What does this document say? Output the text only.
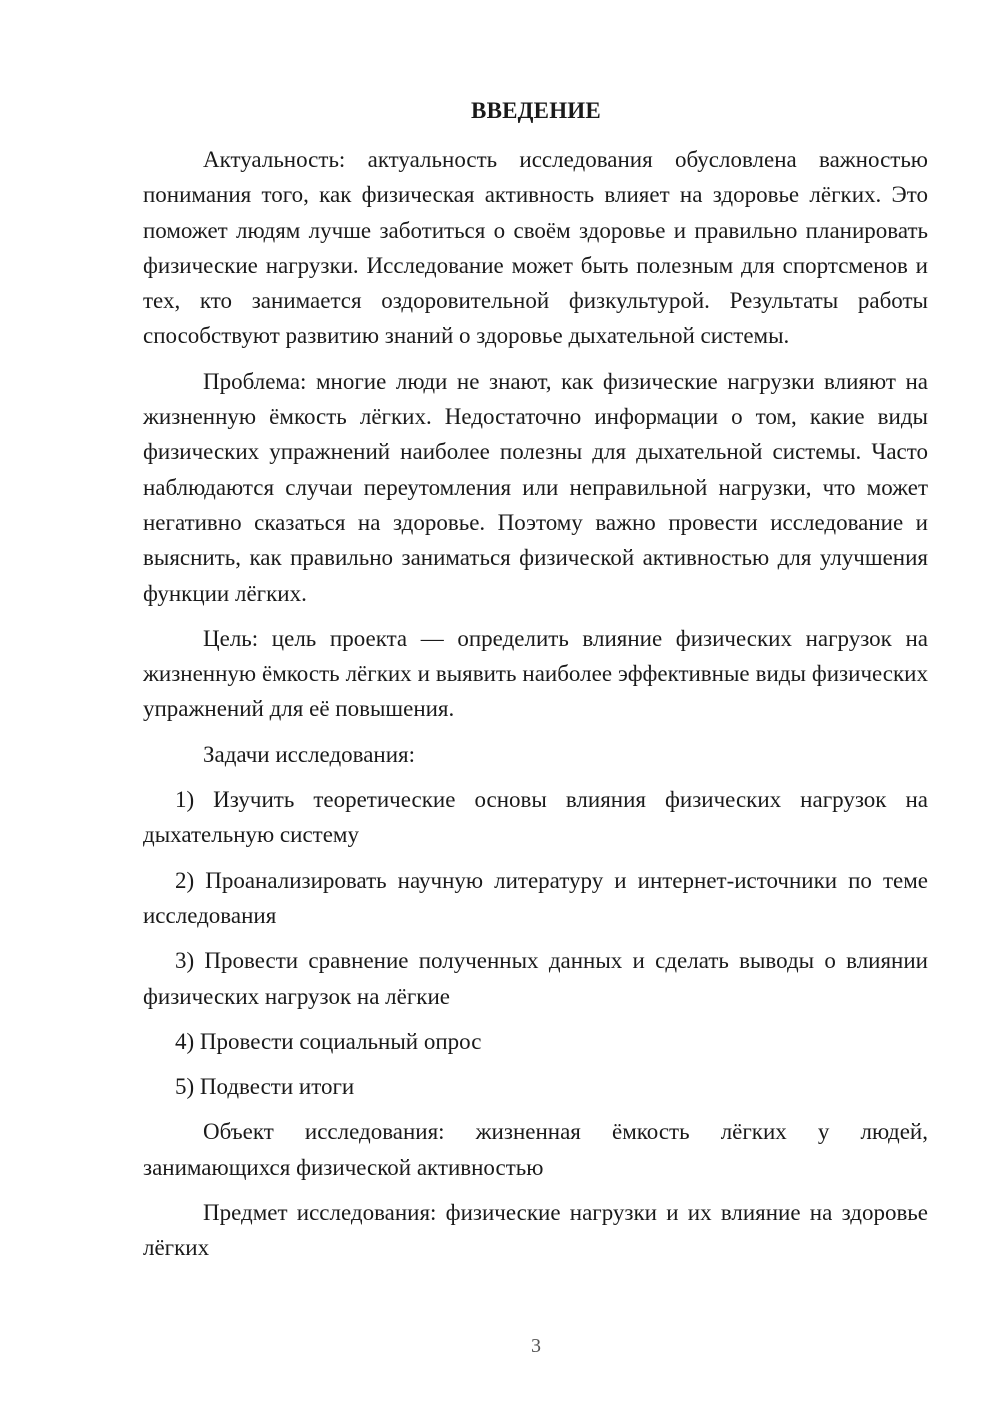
ВВЕДЕНИЕ

Актуальность: актуальность исследования обусловлена важностью понимания того, как физическая активность влияет на здоровье лёгких. Это поможет людям лучше заботиться о своём здоровье и правильно планировать физические нагрузки. Исследование может быть полезным для спортсменов и тех, кто занимается оздоровительной физкультурой. Результаты работы способствуют развитию знаний о здоровье дыхательной системы.

Проблема: многие люди не знают, как физические нагрузки влияют на жизненную ёмкость лёгких. Недостаточно информации о том, какие виды физических упражнений наиболее полезны для дыхательной системы. Часто наблюдаются случаи переутомления или неправильной нагрузки, что может негативно сказаться на здоровье. Поэтому важно провести исследование и выяснить, как правильно заниматься физической активностью для улучшения функции лёгких.

Цель: цель проекта — определить влияние физических нагрузок на жизненную ёмкость лёгких и выявить наиболее эффективные виды физических упражнений для её повышения.

Задачи исследования:

1) Изучить теоретические основы влияния физических нагрузок на дыхательную систему

2) Проанализировать научную литературу и интернет-источники по теме исследования

3) Провести сравнение полученных данных и сделать выводы о влиянии физических нагрузок на лёгкие

4) Провести социальный опрос

5) Подвести итоги

Объект исследования: жизненная ёмкость лёгких у людей, занимающихся физической активностью

Предмет исследования: физические нагрузки и их влияние на здоровье лёгких

3
